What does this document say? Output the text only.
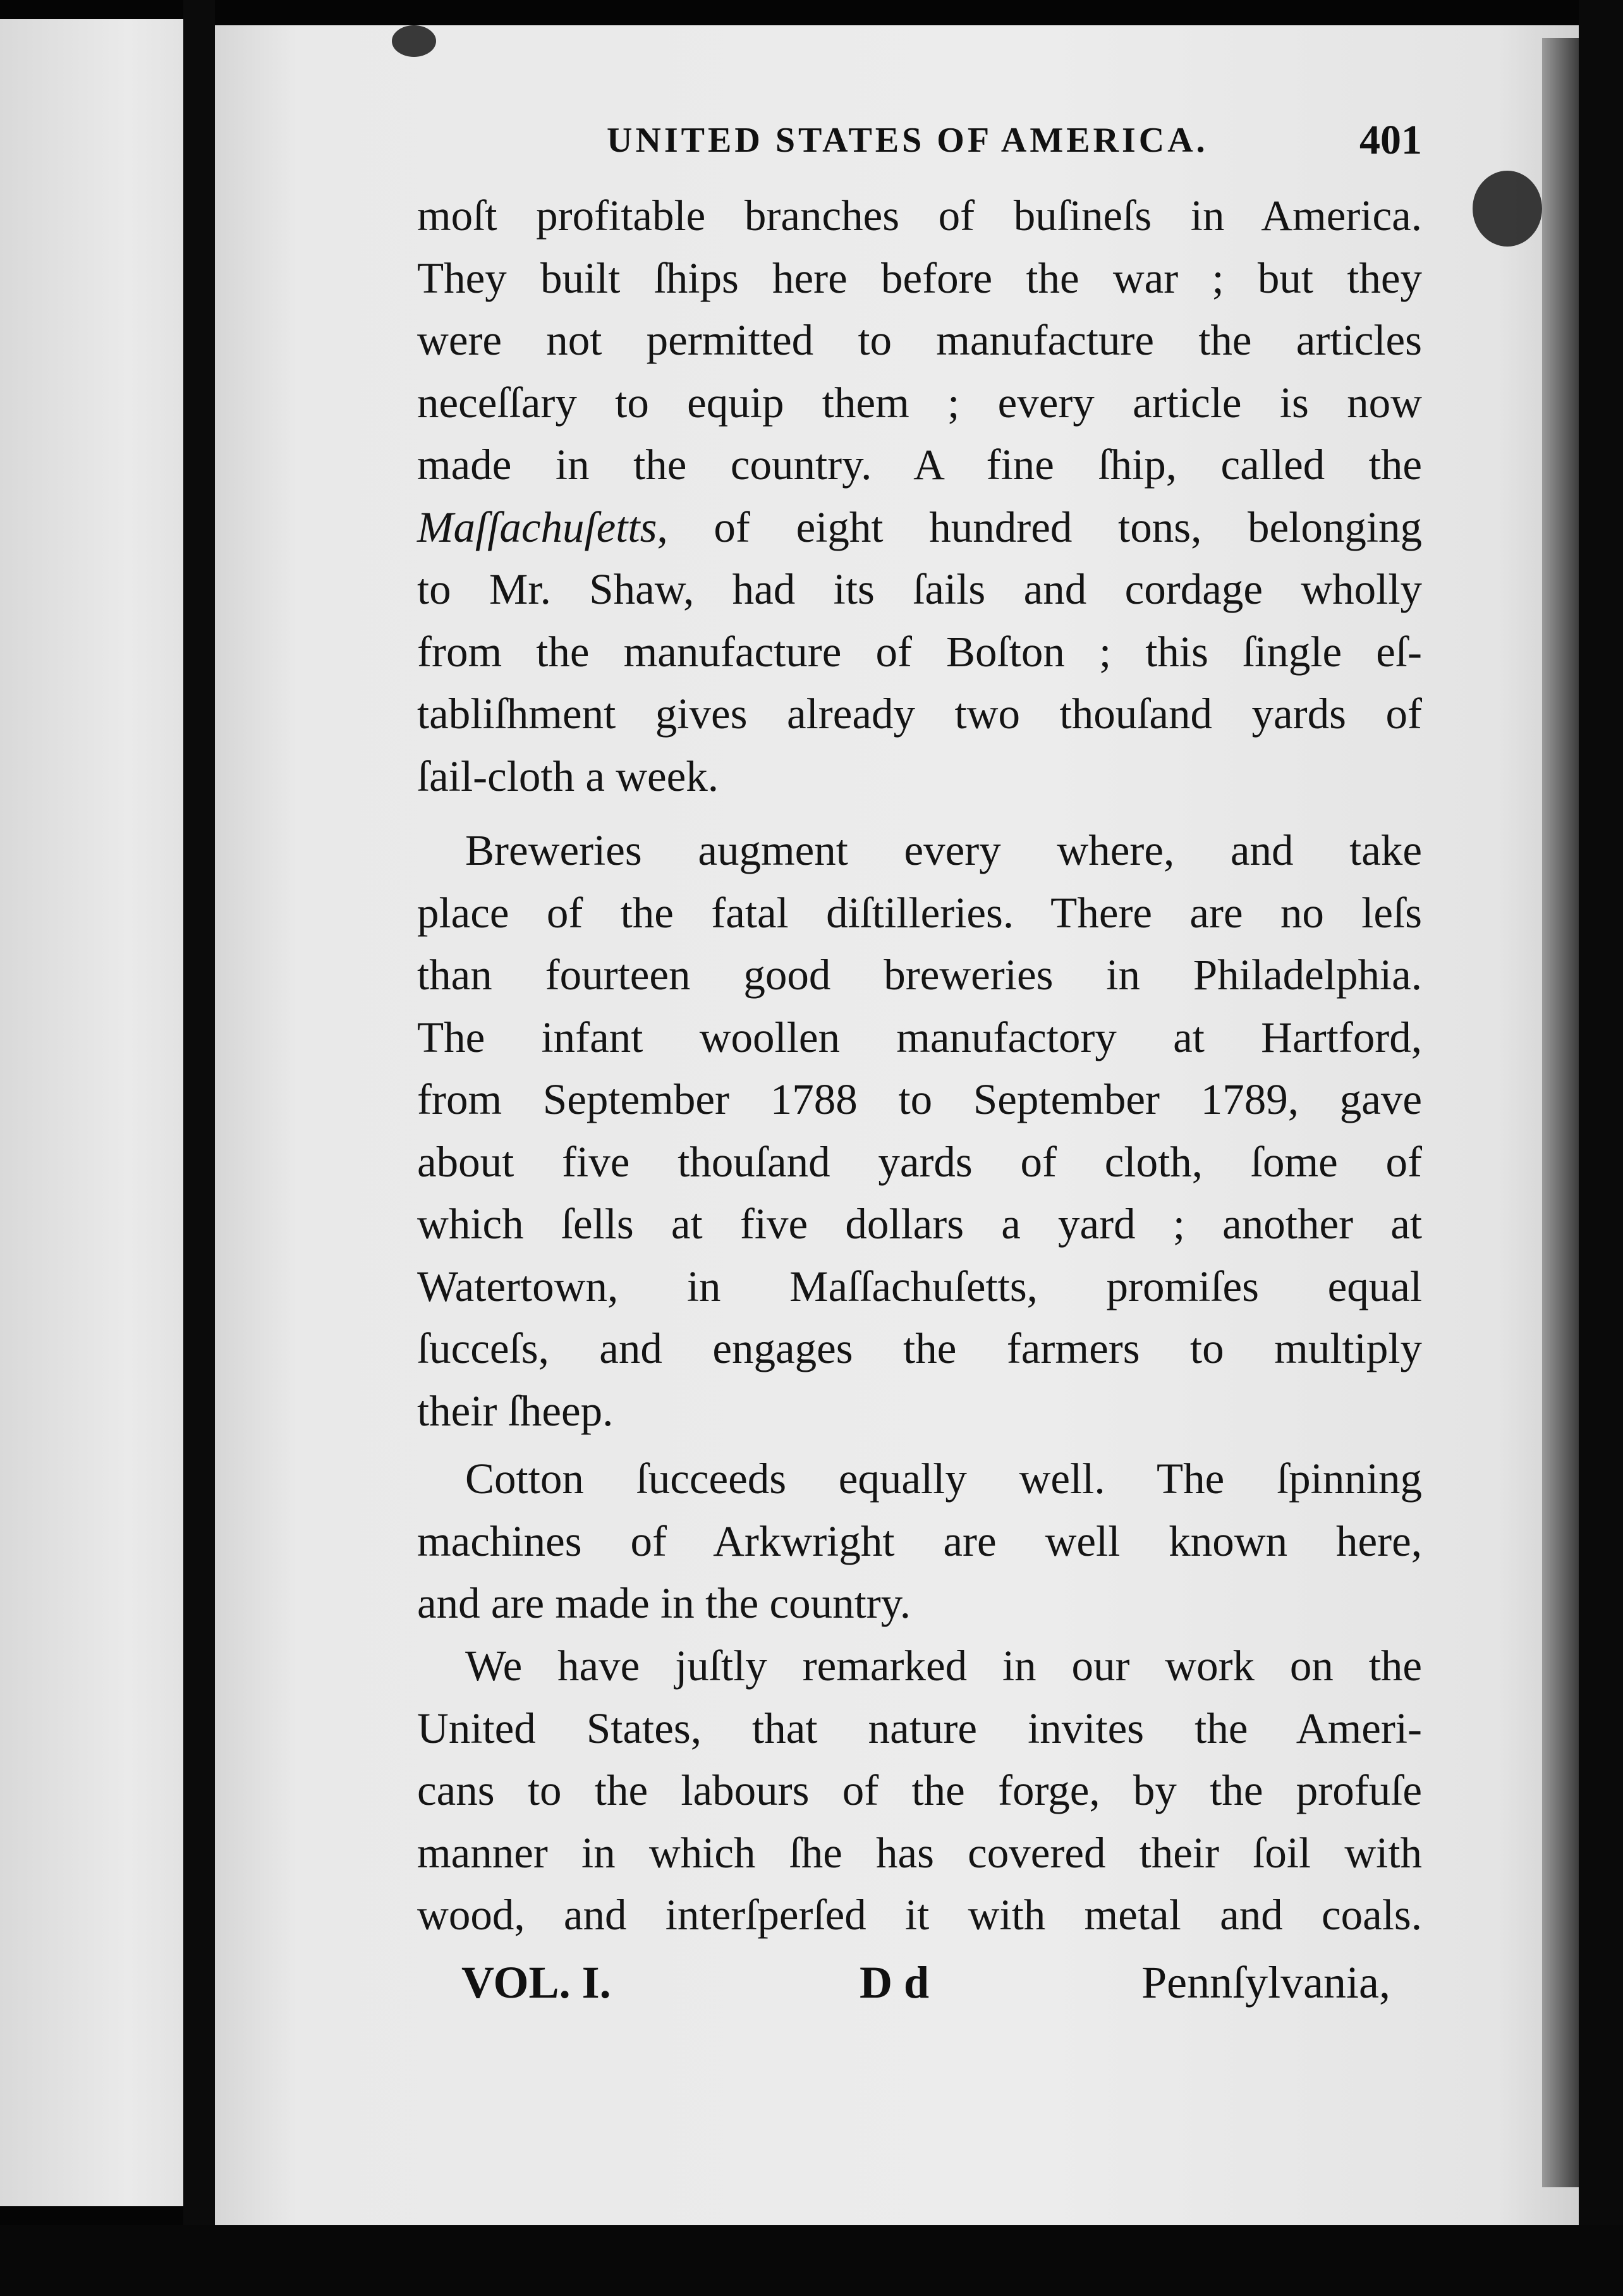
UNITED STATES OF AMERICA.	401
moſt profitable branches of buſineſs in America.
They built ſhips here before the war ; but they
were not permitted to manufacture the articles
neceſſary to equip them ; every article is now
made in the country. A fine ſhip, called the
Maſſachuſetts, of eight hundred tons, belonging
to Mr. Shaw, had its ſails and cordage wholly
from the manufacture of Boſton ; this ſingle eſ-
tabliſhment gives already two thouſand yards of
ſail-cloth a week.
Breweries augment every where, and take
place of the fatal diſtilleries. There are no leſs
than fourteen good breweries in Philadelphia.
The infant woollen manufactory at Hartford,
from September 1788 to September 1789, gave
about five thouſand yards of cloth, ſome of
which ſells at five dollars a yard ; another at
Watertown, in Maſſachuſetts, promiſes equal
ſucceſs, and engages the farmers to multiply
their ſheep.
Cotton ſucceeds equally well. The ſpinning
machines of Arkwright are well known here,
and are made in the country.
We have juſtly remarked in our work on the
United States, that nature invites the Ameri-
cans to the labours of the forge, by the profuſe
manner in which ſhe has covered their ſoil with
wood, and interſperſed it with metal and coals.
VOL. I.	D d	Pennſylvania,
